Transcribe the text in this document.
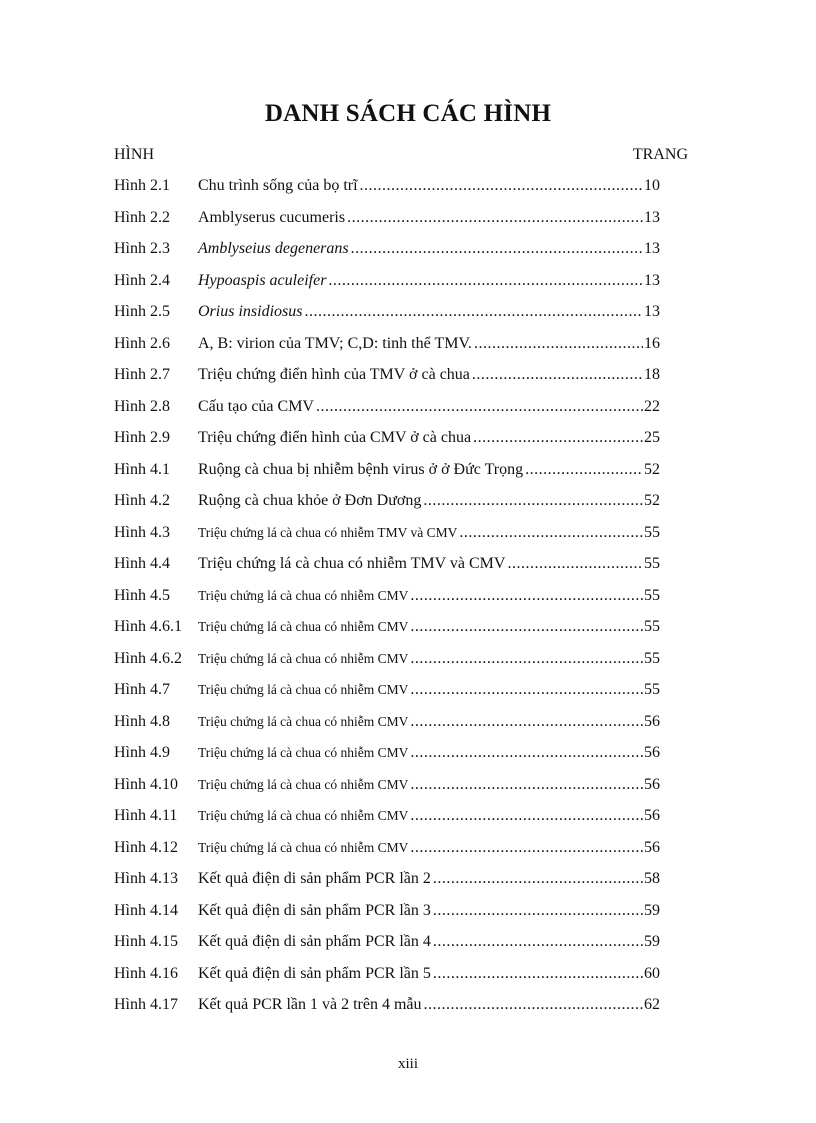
DANH SÁCH CÁC HÌNH
HÌNH	TRANG
Hình 2.1	Chu trình sống của bọ trĩ .....	10
Hình 2.2	Amblyserus cucumeris .....	13
Hình 2.3	Amblyseius degenerans .....	13
Hình 2.4	Hypoaspis aculeifer .....	13
Hình 2.5	Orius insidiosus .....	13
Hình 2.6	A, B: virion của TMV; C,D: tinh thể TMV. .....	16
Hình 2.7	Triệu chứng điển hình của TMV ở cà chua .....	18
Hình 2.8	Cấu tạo của CMV .....	22
Hình 2.9	Triệu chứng điển hình của CMV ở cà chua .....	25
Hình 4.1	Ruộng cà chua bị nhiễm bệnh virus ở ở Đức Trọng .....	52
Hình 4.2	Ruộng cà chua khỏe ở Đơn Dương .....	52
Hình 4.3	Triệu chứng lá cà chua có nhiễm TMV và CMV .....	55
Hình 4.4	Triệu chứng lá cà chua có nhiễm TMV và CMV .....	55
Hình 4.5	Triệu chứng lá cà chua có nhiễm CMV .....	55
Hình 4.6.1	Triệu chứng lá cà chua có nhiễm CMV .....	55
Hình 4.6.2	Triệu chứng lá cà chua có nhiễm CMV .....	55
Hình 4.7	Triệu chứng lá cà chua có nhiễm CMV .....	55
Hình 4.8	Triệu chứng lá cà chua có nhiễm CMV .....	56
Hình 4.9	Triệu chứng lá cà chua có nhiễm CMV .....	56
Hình 4.10	Triệu chứng lá cà chua có nhiễm CMV .....	56
Hình 4.11	Triệu chứng lá cà chua có nhiễm CMV .....	56
Hình 4.12	Triệu chứng lá cà chua có nhiễm CMV .....	56
Hình 4.13	Kết quả điện di sản phẩm PCR lần 2 .....	58
Hình 4.14	Kết quả điện di sản phẩm PCR lần 3 .....	59
Hình 4.15	Kết quả điện di sản phẩm PCR lần 4 .....	59
Hình 4.16	Kết quả điện di sản phẩm PCR lần 5 .....	60
Hình 4.17	Kết quả PCR lần 1 và 2 trên 4 mẫu .....	62
xiii
